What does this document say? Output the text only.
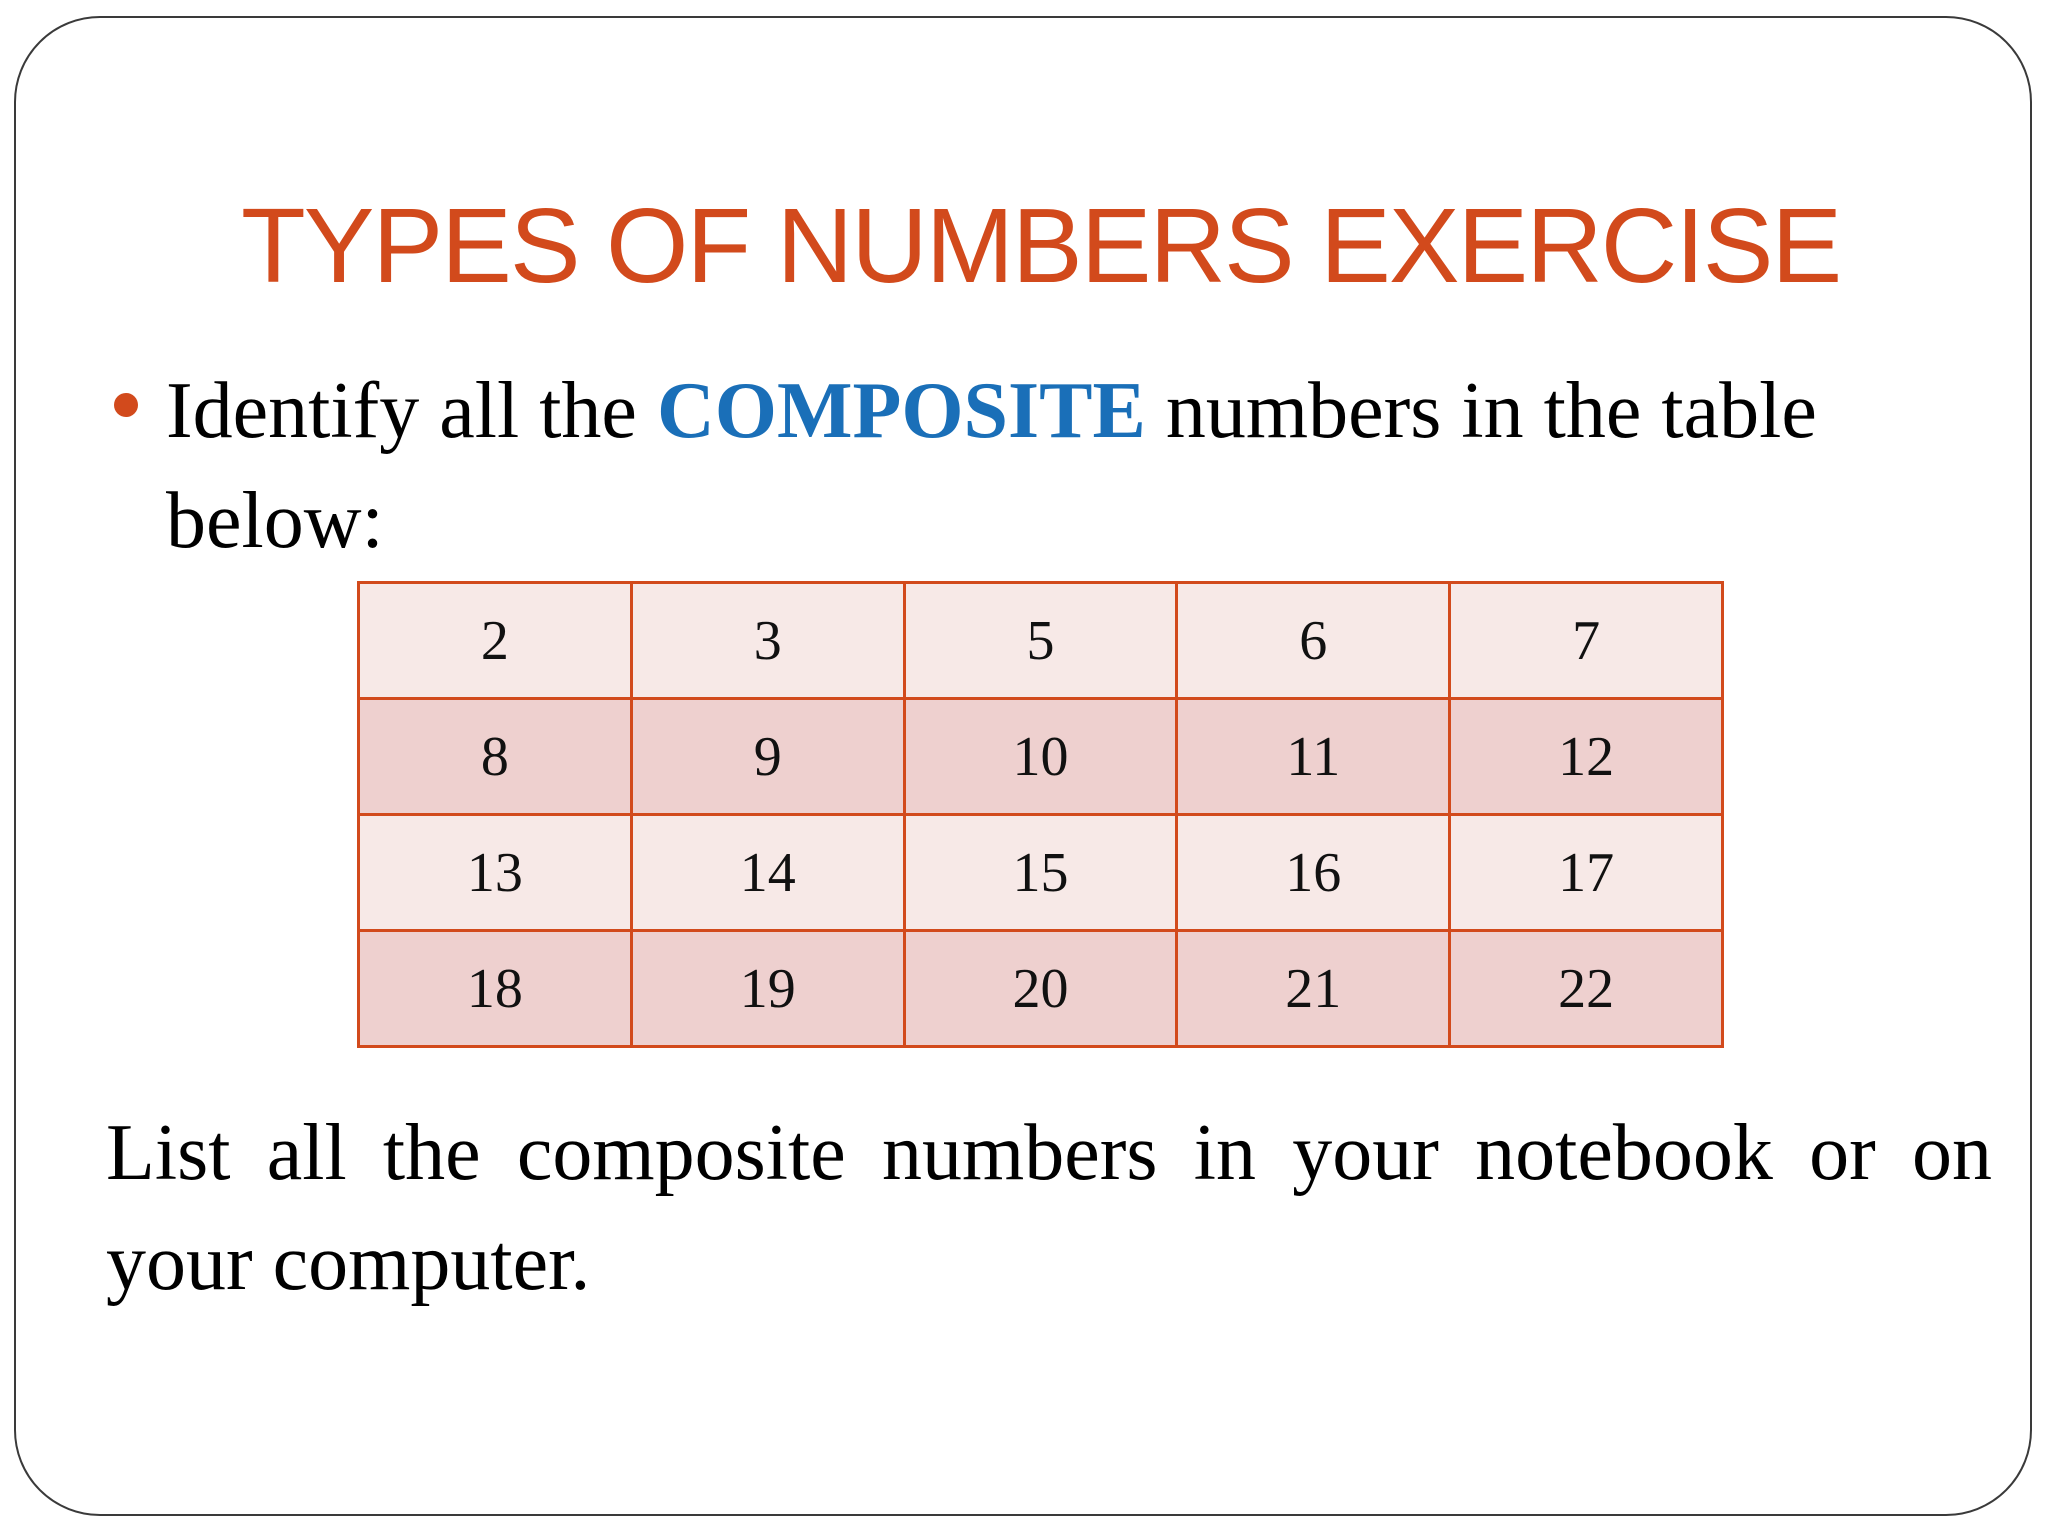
TYPES OF NUMBERS EXERCISE

Identify all the COMPOSITE numbers in the table below:

2	3	5	6	7
8	9	10	11	12
13	14	15	16	17
18	19	20	21	22

List all the composite numbers in your notebook or on your computer.
